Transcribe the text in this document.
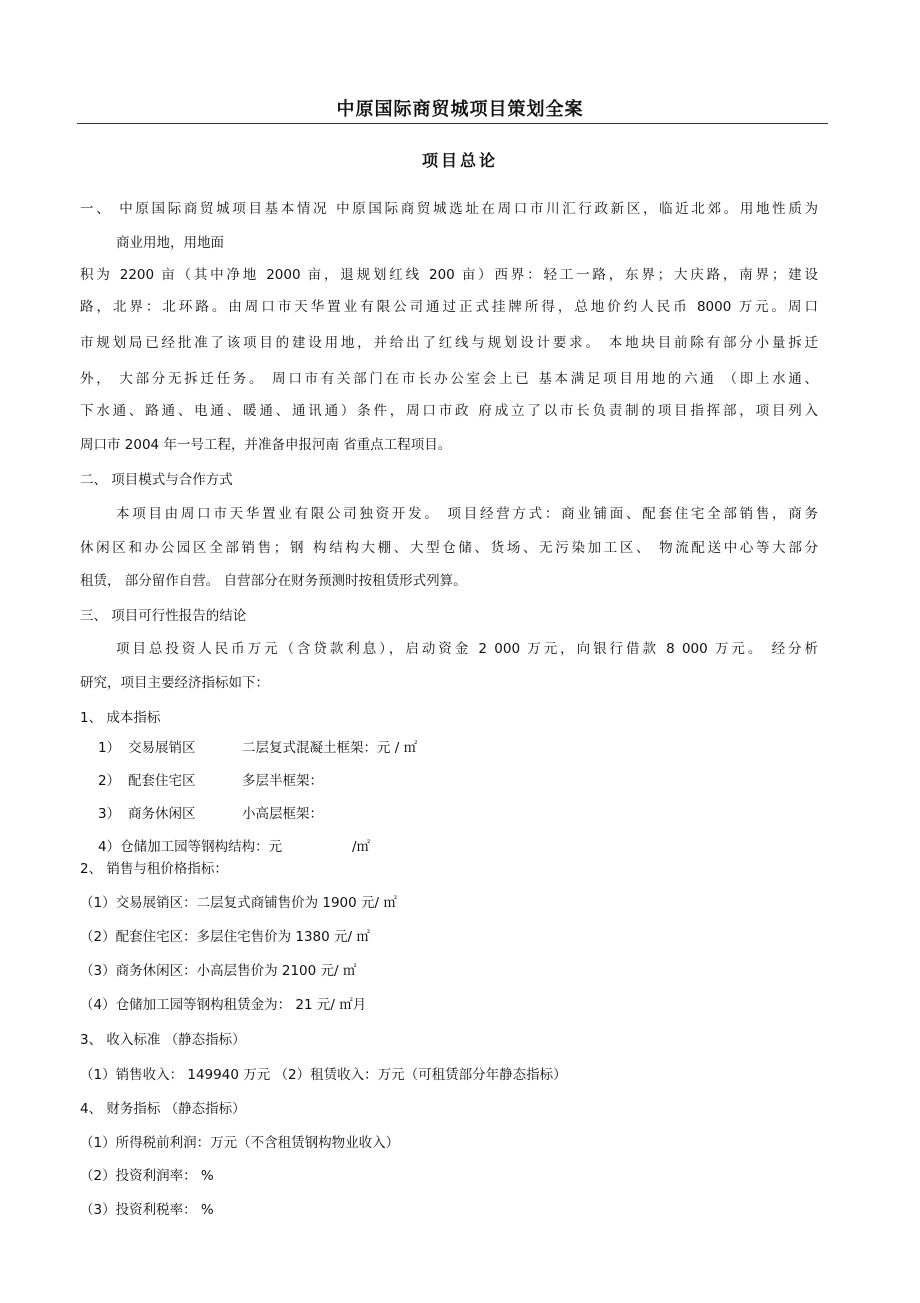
中原国际商贸城项目策划全案
项目总论
一、 中原国际商贸城项目基本情况 中原国际商贸城选址在周口市川汇行政新区，临近北郊。用地性质为
商业用地，用地面
积为 2200 亩（其中净地 2000 亩，退规划红线 200 亩）西界：轻工一路，东界；大庆路，南界；建设
路，北界：北环路。由周口市天华置业有限公司通过正式挂牌所得，总地价约人民币 8000 万元。周口
市规划局已经批准了该项目的建设用地，并给出了红线与规划设计要求。 本地块目前除有部分小量拆迁
外， 大部分无拆迁任务。 周口市有关部门在市长办公室会上已 基本满足项目用地的六通 （即上水通、
下水通、路通、电通、暖通、通讯通）条件，周口市政 府成立了以市长负责制的项目指挥部，项目列入
周口市 2004 年一号工程，并准备申报河南 省重点工程项目。
二、 项目模式与合作方式
本项目由周口市天华置业有限公司独资开发。 项目经营方式：商业铺面、配套住宅全部销售，商务
休闲区和办公园区全部销售；钢 构结构大棚、大型仓储、货场、无污染加工区、 物流配送中心等大部分
租赁， 部分留作自营。 自营部分在财务预测时按租赁形式列算。
三、 项目可行性报告的结论
项目总投资人民币万元（含贷款利息），启动资金 2 000 万元，向银行借款 8 000 万元。 经分析
研究，项目主要经济指标如下：
1、 成本指标
1） 交易展销区	二层复式混凝土框架：元 / ㎡
2） 配套住宅区	多层半框架：
3） 商务休闲区	小高层框架：
4）仓储加工园等钢构结构：元	/㎡
2、 销售与租价格指标：
（1）交易展销区：二层复式商铺售价为 1900 元/ ㎡
（2）配套住宅区：多层住宅售价为 1380 元/ ㎡
（3）商务休闲区：小高层售价为 2100 元/ ㎡
（4）仓储加工园等钢构租赁金为： 21 元/ ㎡月
3、 收入标准 （静态指标）
（1）销售收入： 149940 万元 （2）租赁收入：万元（可租赁部分年静态指标）
4、 财务指标 （静态指标）
（1）所得税前利润：万元（不含租赁钢构物业收入）
（2）投资利润率： %
（3）投资利税率： %
